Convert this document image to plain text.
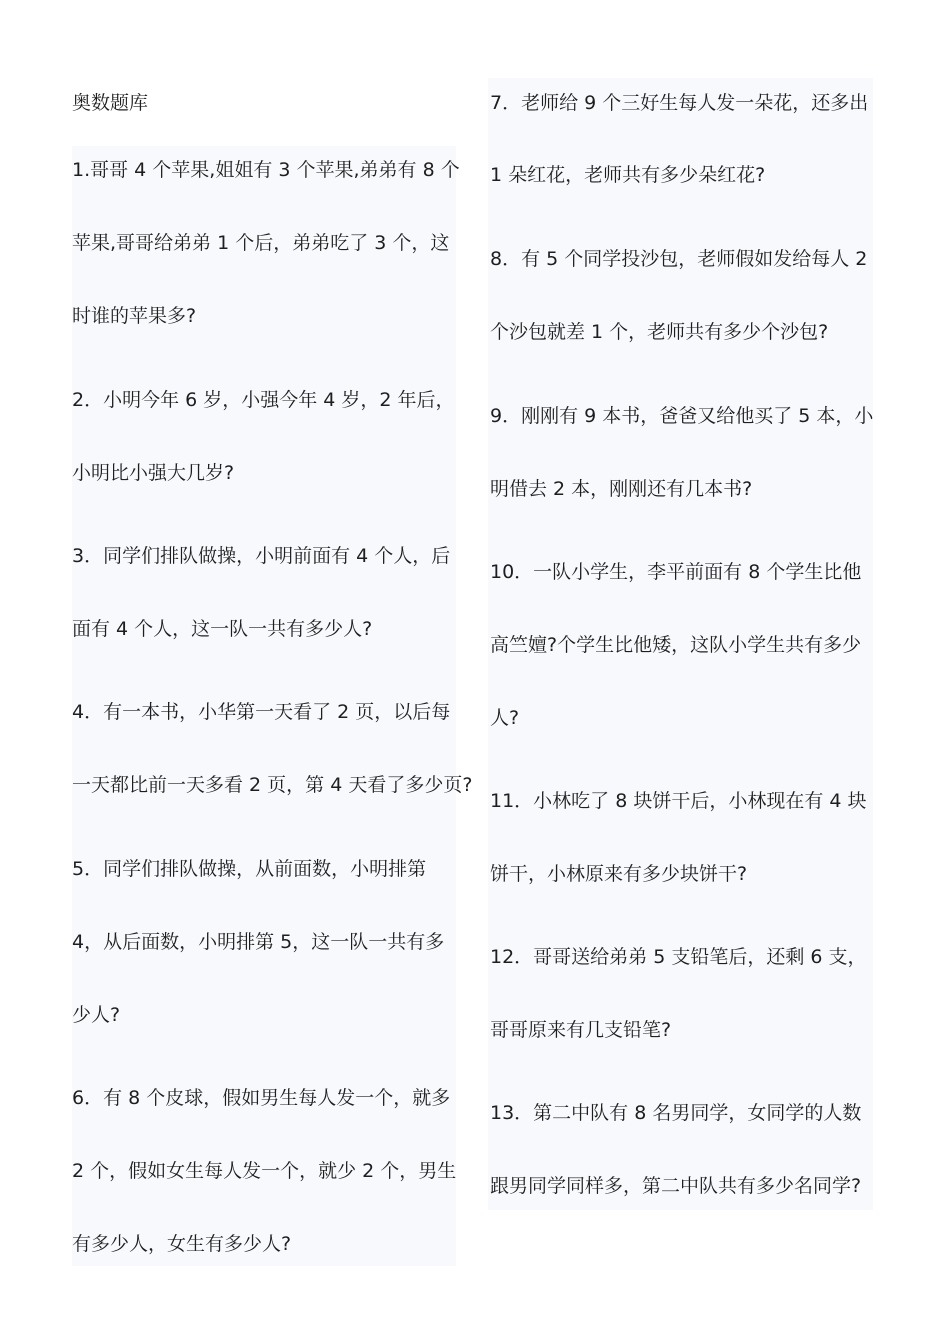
奥数题库
1.哥哥 4 个苹果,姐姐有 3 个苹果,弟弟有 8 个
苹果,哥哥给弟弟 1 个后，弟弟吃了 3 个，这
时谁的苹果多?
2．小明今年 6 岁，小强今年 4 岁，2 年后，
小明比小强大几岁?
3．同学们排队做操，小明前面有 4 个人，后
面有 4 个人，这一队一共有多少人?
4．有一本书，小华第一天看了 2 页，以后每
一天都比前一天多看 2 页，第 4 天看了多少页?
5．同学们排队做操，从前面数，小明排第
4，从后面数，小明排第 5，这一队一共有多
少人?
6．有 8 个皮球，假如男生每人发一个，就多
2 个，假如女生每人发一个，就少 2 个，男生
有多少人，女生有多少人?
7．老师给 9 个三好生每人发一朵花，还多出
1 朵红花，老师共有多少朵红花?
8．有 5 个同学投沙包，老师假如发给每人 2
个沙包就差 1 个，老师共有多少个沙包?
9．刚刚有 9 本书，爸爸又给他买了 5 本，小
明借去 2 本，刚刚还有几本书?
10．一队小学生，李平前面有 8 个学生比他
高竺嬗?个学生比他矮，这队小学生共有多少
人?
11．小林吃了 8 块饼干后，小林现在有 4 块
饼干，小林原来有多少块饼干?
12．哥哥送给弟弟 5 支铅笔后，还剩 6 支，
哥哥原来有几支铅笔?
13．第二中队有 8 名男同学，女同学的人数
跟男同学同样多，第二中队共有多少名同学?
